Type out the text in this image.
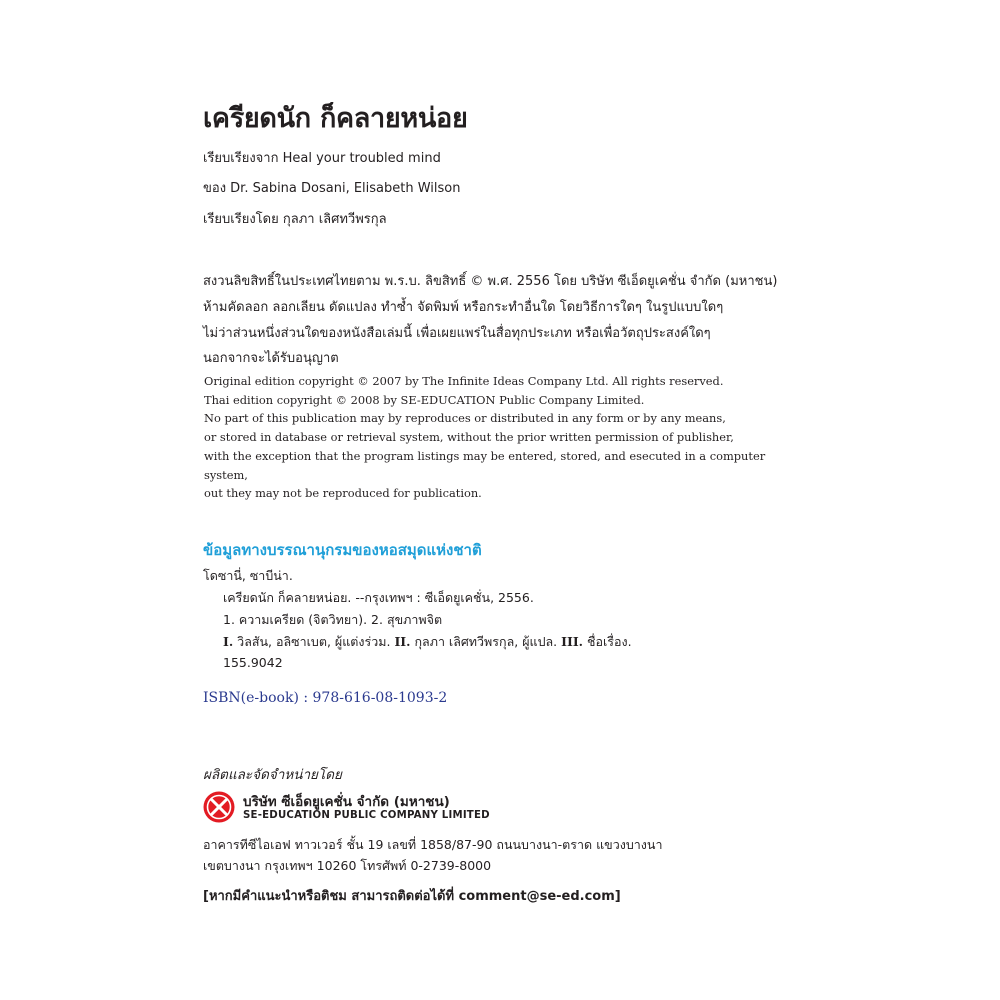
เครียดนัก ก็คลายหน่อย
เรียบเรียงจาก Heal your troubled mind
ของ Dr. Sabina Dosani, Elisabeth Wilson
เรียบเรียงโดย กุลภา เลิศทวีพรกุล
สงวนลิขสิทธิ์ในประเทศไทยตาม พ.ร.บ. ลิขสิทธิ์ © พ.ศ. 2556 โดย บริษัท ซีเอ็ดยูเคชั่น จำกัด (มหาชน)
ห้ามคัดลอก ลอกเลียน ดัดแปลง ทำซ้ำ จัดพิมพ์ หรือกระทำอื่นใด โดยวิธีการใดๆ ในรูปแบบใดๆ
ไม่ว่าส่วนหนึ่งส่วนใดของหนังสือเล่มนี้ เพื่อเผยแพร่ในสื่อทุกประเภท หรือเพื่อวัตถุประสงค์ใดๆ
นอกจากจะได้รับอนุญาต
Original edition copyright © 2007 by The Infinite Ideas Company Ltd. All rights reserved.
Thai edition copyright © 2008 by SE-EDUCATION Public Company Limited.
No part of this publication may by reproduces or distributed in any form or by any means,
or stored in database or retrieval system, without the prior written permission of publisher,
with the exception that the program listings may be entered, stored, and esecuted in a computer
system,
out they may not be reproduced for publication.
ข้อมูลทางบรรณานุกรมของหอสมุดแห่งชาติ
โดซานี่, ซาบีน่า.
เครียดนัก ก็คลายหน่อย. --กรุงเทพฯ : ซีเอ็ดยูเคชั่น, 2556.
1. ความเครียด (จิตวิทยา). 2. สุขภาพจิต
I. วิลสัน, อลิซาเบต, ผู้แต่งร่วม. II. กุลภา เลิศทวีพรกุล, ผู้แปล. III. ชื่อเรื่อง.
155.9042
ISBN(e-book) : 978-616-08-1093-2
ผลิตและจัดจำหน่ายโดย
บริษัท ซีเอ็ดยูเคชั่น จำกัด (มหาชน)
SE-EDUCATION PUBLIC COMPANY LIMITED
อาคารทีซีไอเอฟ ทาวเวอร์ ชั้น 19 เลขที่ 1858/87-90 ถนนบางนา-ตราด แขวงบางนา
เขตบางนา กรุงเทพฯ 10260 โทรศัพท์ 0-2739-8000
[หากมีคำแนะนำหรือติชม สามารถติดต่อได้ที่ comment@se-ed.com]
